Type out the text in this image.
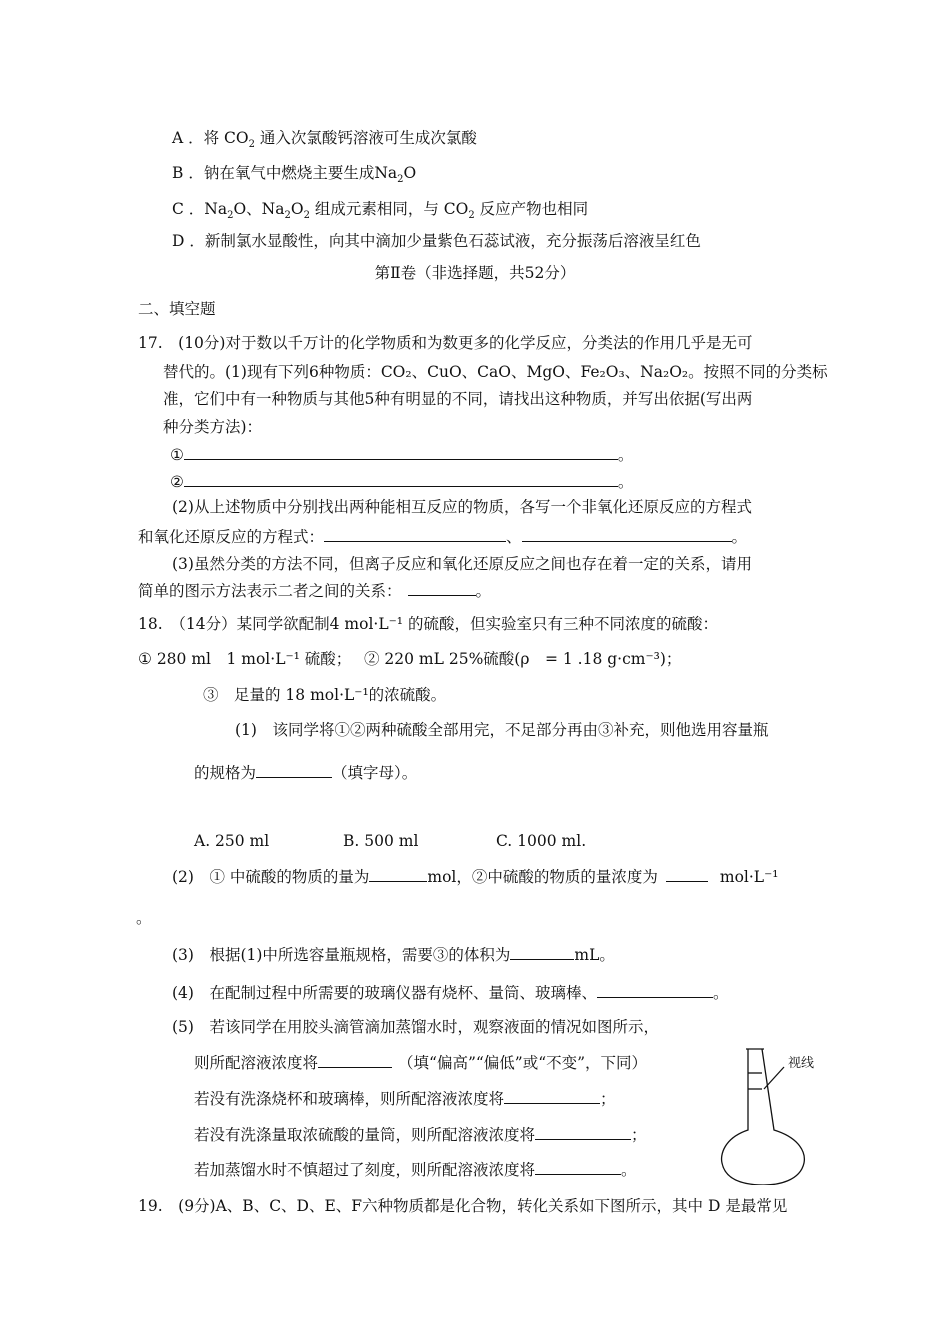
A ．将 $CO_2$ 通入次氯酸钙溶液可生成次氯酸
B ．钠在氧气中燃烧主要生成$Na_2O$
C ．$Na_2O$、$Na_2O_2$ 组成元素相同，与 $CO_2$ 反应产物也相同
D ．新制氯水显酸性，向其中滴加少量紫色石蕊试液，充分振荡后溶液呈红色
第Ⅱ卷（非选择题，共52分）
二、填空题
17.　(10分)对于数以千万计的化学物质和为数更多的化学反应，分类法的作用几乎是无可
替代的。(1)现有下列6种物质：CO₂、CuO、CaO、MgO、Fe₂O₃、Na₂O₂。按照不同的分类标
准，它们中有一种物质与其他5种有明显的不同，请找出这种物质，并写出依据(写出两
种分类方法)：
①	。
②	。
(2)从上述物质中分别找出两种能相互反应的物质，各写一个非氧化还原反应的方程式
和氧化还原反应的方程式：	、	。
(3)虽然分类的方法不同，但离子反应和氧化还原反应之间也存在着一定的关系，请用
简单的图示方法表示二者之间的关系：	。
18.　（14分）某同学欲配制4 mol·L⁻¹ 的硫酸，但实验室只有三种不同浓度的硫酸：
① 280 ml　1 mol·L⁻¹ 硫酸；　 ② 220 mL 25%硫酸(ρ　= 1 .18 g·cm⁻³)；
③　足量的 18 mol·L⁻¹的浓硫酸。
(1)　该同学将①②两种硫酸全部用完，不足部分再由③补充，则他选用容量瓶
的规格为	（填字母）。
A. 250 ml	B. 500 ml	C. 1000 ml.
(2)　① 中硫酸的物质的量为	mol，②中硫酸的物质的量浓度为	mol·L⁻¹
。
(3)　根据(1)中所选容量瓶规格，需要③的体积为	mL。
(4)　在配制过程中所需要的玻璃仪器有烧杯、量筒、玻璃棒、	。
(5)　若该同学在用胶头滴管滴加蒸馏水时，观察液面的情况如图所示，
则所配溶液浓度将	（填“偏高”“偏低”或“不变”，下同）
若没有洗涤烧杯和玻璃棒，则所配溶液浓度将	；
若没有洗涤量取浓硫酸的量筒，则所配溶液浓度将	；
若加蒸馏水时不慎超过了刻度，则所配溶液浓度将	。
视线
19.　(9分)A、B、C、D、E、F六种物质都是化合物，转化关系如下图所示，其中 D 是最常见
